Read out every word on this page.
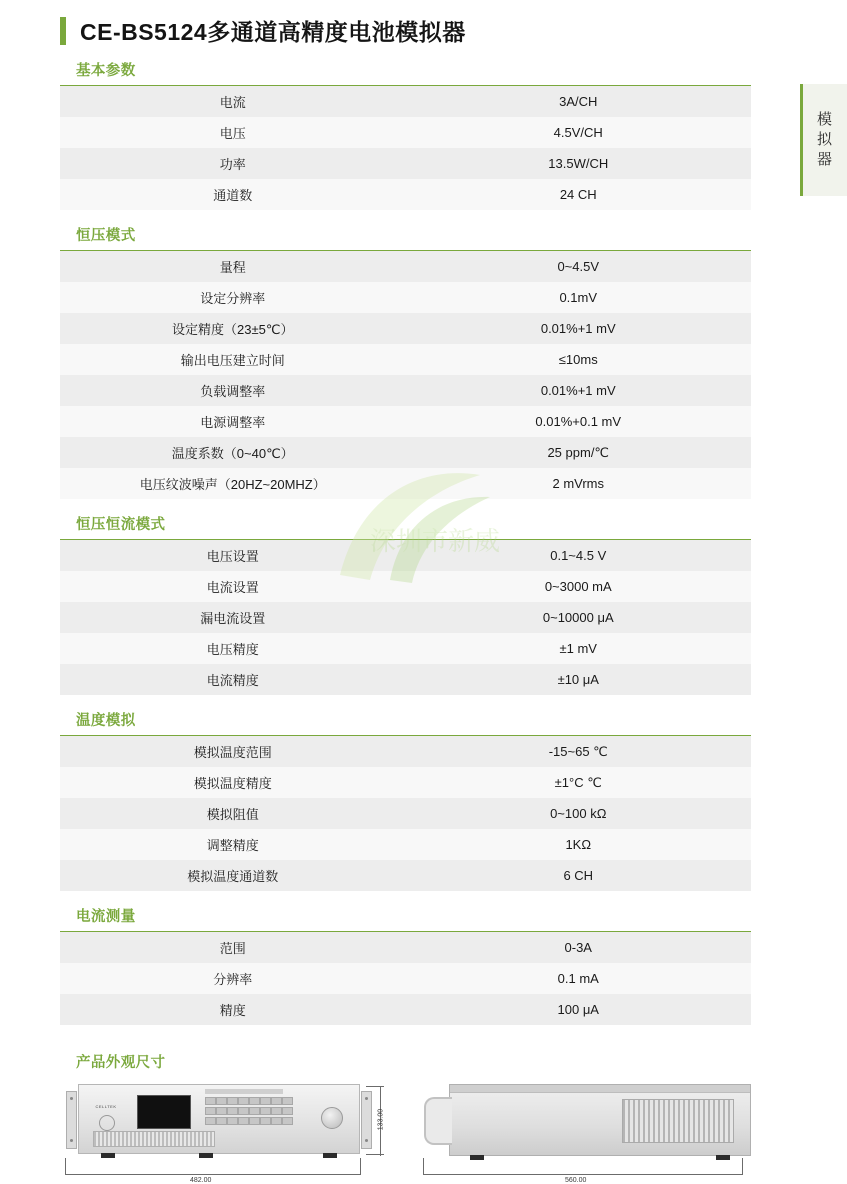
CE-BS5124多通道高精度电池模拟器
模
拟
器
深圳市新威
基本参数
电流	3A/CH
电压	4.5V/CH
功率	13.5W/CH
通道数	24 CH
恒压模式
量程	0~4.5V
设定分辨率	0.1mV
设定精度（23±5℃）	0.01%+1 mV
输出电压建立时间	≤10ms
负载调整率	0.01%+1 mV
电源调整率	0.01%+0.1 mV
温度系数（0~40℃）	25 ppm/℃
电压纹波噪声（20HZ~20MHZ）	2 mVrms
恒压恒流模式
电压设置	0.1~4.5 V
电流设置	0~3000 mA
漏电流设置	0~10000 μA
电压精度	±1 mV
电流精度	±10 μA
温度模拟
模拟温度范围	-15~65 ℃
模拟温度精度	±1°C ℃
模拟阻值	0~100 kΩ
调整精度	1KΩ
模拟温度通道数	6 CH
电流测量
范围	0-3A
分辨率	0.1 mA
精度	100 μA
产品外观尺寸
CELLTEK
482.00
133.00
560.00
